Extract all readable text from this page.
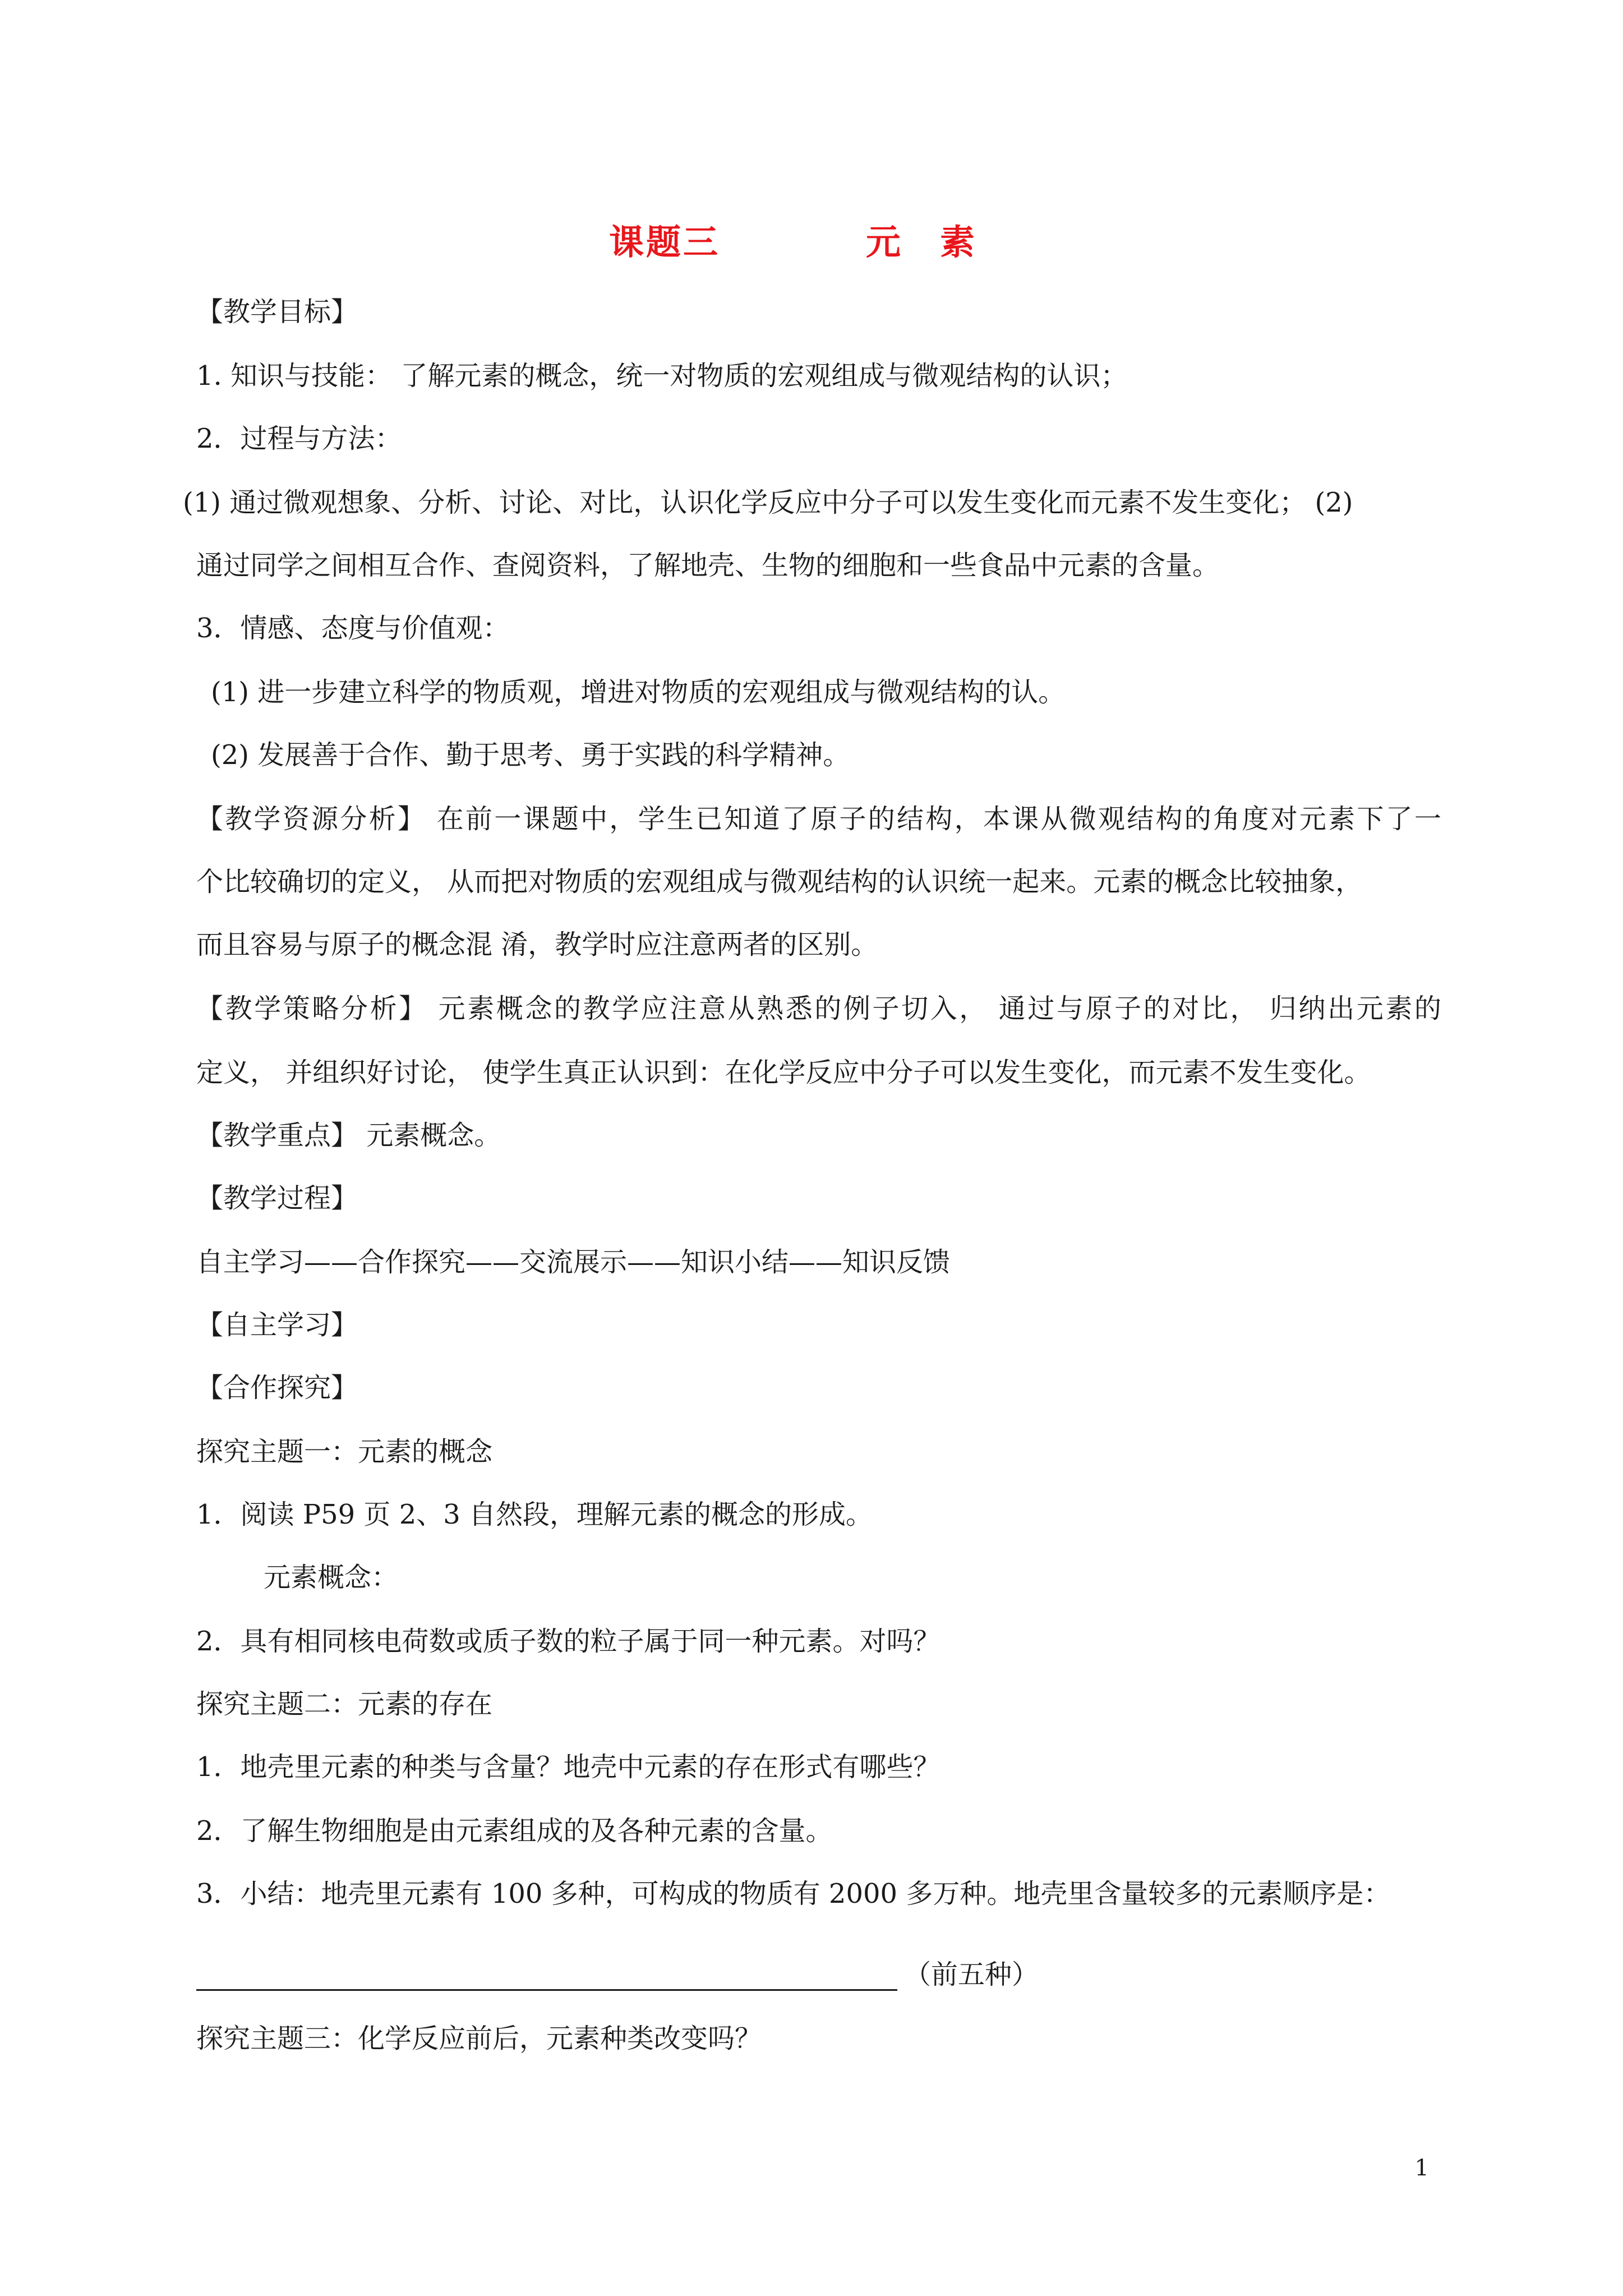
课题三	元素
【教学目标】
1. 知识与技能： 了解元素的概念，统一对物质的宏观组成与微观结构的认识；
2．过程与方法：
(1) 通过微观想象、分析、讨论、对比，认识化学反应中分子可以发生变化而元素不发生变化； (2)
通过同学之间相互合作、查阅资料，了解地壳、生物的细胞和一些食品中元素的含量。
3．情感、态度与价值观：
(1) 进一步建立科学的物质观，增进对物质的宏观组成与微观结构的认。
(2) 发展善于合作、勤于思考、勇于实践的科学精神。
【教学资源分析】 在前一课题中，学生已知道了原子的结构，本课从微观结构的角度对元素下了一
个比较确切的定义， 从而把对物质的宏观组成与微观结构的认识统一起来。元素的概念比较抽象，
而且容易与原子的概念混 淆，教学时应注意两者的区别。
【教学策略分析】 元素概念的教学应注意从熟悉的例子切入， 通过与原子的对比， 归纳出元素的
定义， 并组织好讨论， 使学生真正认识到：在化学反应中分子可以发生变化，而元素不发生变化。
【教学重点】 元素概念。
【教学过程】
自主学习——合作探究——交流展示——知识小结——知识反馈
【自主学习】
【合作探究】
探究主题一：元素的概念
1．阅读 P59 页 2、3 自然段，理解元素的概念的形成。
元素概念：
2．具有相同核电荷数或质子数的粒子属于同一种元素。对吗？
探究主题二：元素的存在
1．地壳里元素的种类与含量？地壳中元素的存在形式有哪些？
2．了解生物细胞是由元素组成的及各种元素的含量。
3．小结：地壳里元素有 100 多种，可构成的物质有 2000 多万种。地壳里含量较多的元素顺序是：
（前五种）
探究主题三：化学反应前后，元素种类改变吗？
1
